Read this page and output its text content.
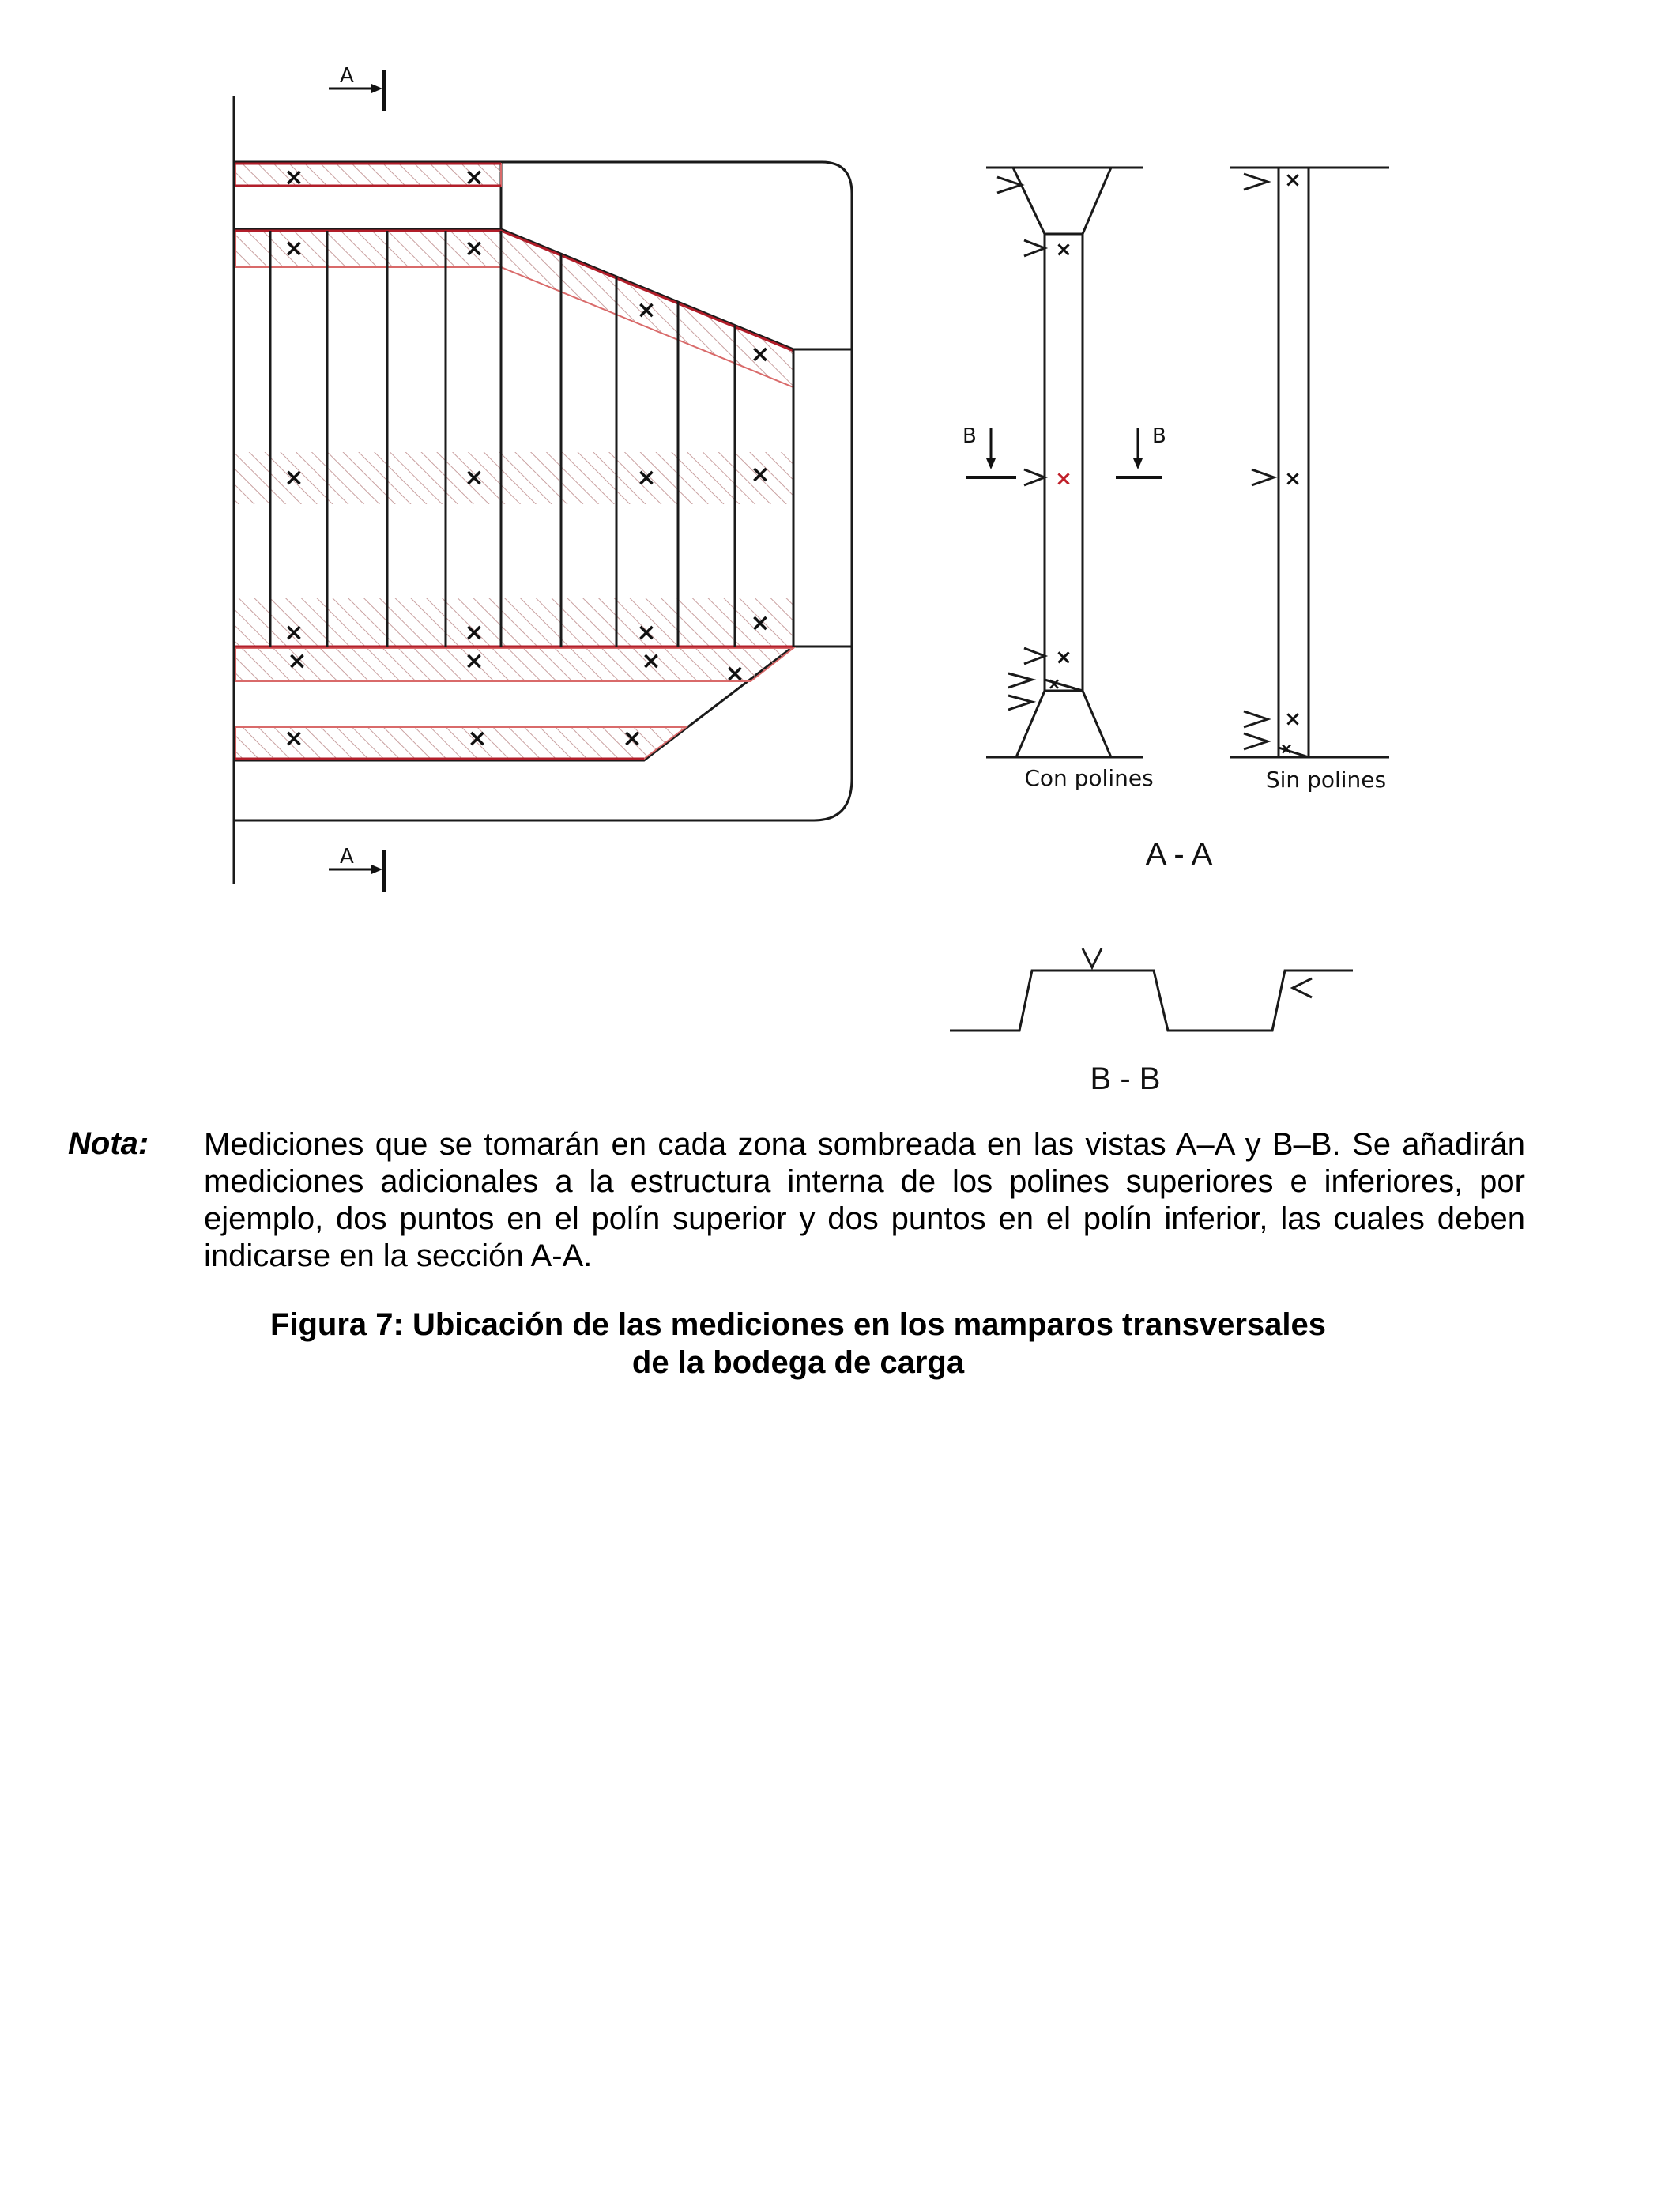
A
A
×	×
×	×
×
×
×	×	×	×
×	×	×	×
×	×	×	×
×	×	×
×
×
×
×
B	B
Con polines
×
×
×
×
Sin polines
A - A
B - B
Nota:	Mediciones que se tomarán en cada zona sombreada en las vistas A–A y B–B. Se añadirán mediciones adicionales a la estructura interna de los polines superiores e inferiores, por ejemplo, dos puntos en el polín superior y dos puntos en el polín inferior, las cuales deben indicarse en la sección A-A.
Figura 7: Ubicación de las mediciones en los mamparos transversales
de la bodega de carga
